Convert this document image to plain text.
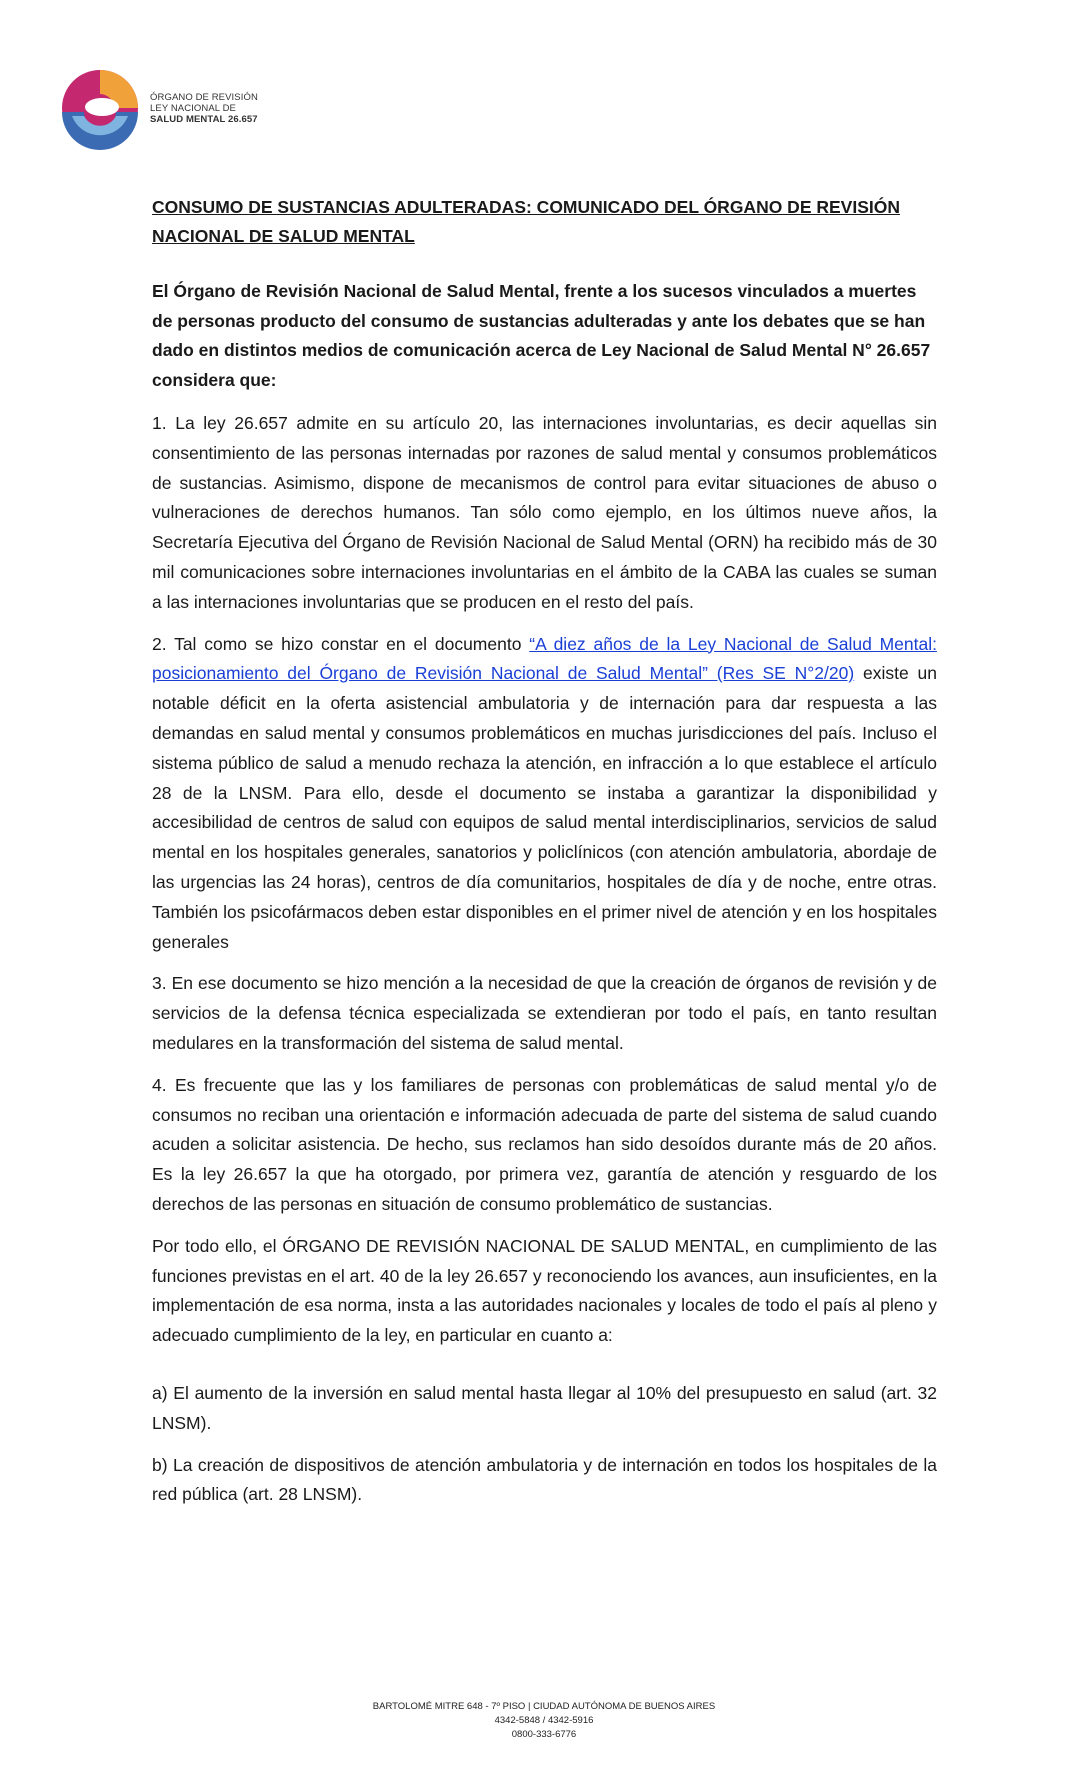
ÓRGANO DE REVISIÓN
LEY NACIONAL DE
SALUD MENTAL 26.657

CONSUMO DE SUSTANCIAS ADULTERADAS: COMUNICADO DEL ÓRGANO DE REVISIÓN NACIONAL DE SALUD MENTAL

El Órgano de Revisión Nacional de Salud Mental, frente a los sucesos vinculados a muertes de personas producto del consumo de sustancias adulteradas y ante los debates que se han dado en distintos medios de comunicación acerca de Ley Nacional de Salud Mental N° 26.657 considera que:

1. La ley 26.657 admite en su artículo 20, las internaciones involuntarias, es decir aquellas sin consentimiento de las personas internadas por razones de salud mental y consumos problemáticos de sustancias. Asimismo, dispone de mecanismos de control para evitar situaciones de abuso o vulneraciones de derechos humanos. Tan sólo como ejemplo, en los últimos nueve años, la Secretaría Ejecutiva del Órgano de Revisión Nacional de Salud Mental (ORN) ha recibido más de 30 mil comunicaciones sobre internaciones involuntarias en el ámbito de la CABA las cuales se suman a las internaciones involuntarias que se producen en el resto del país.

2. Tal como se hizo constar en el documento “A diez años de la Ley Nacional de Salud Mental: posicionamiento del Órgano de Revisión Nacional de Salud Mental” (Res SE N°2/20) existe un notable déficit en la oferta asistencial ambulatoria y de internación para dar respuesta a las demandas en salud mental y consumos problemáticos en muchas jurisdicciones del país. Incluso el sistema público de salud a menudo rechaza la atención, en infracción a lo que establece el artículo 28 de la LNSM. Para ello, desde el documento se instaba a garantizar la disponibilidad y accesibilidad de centros de salud con equipos de salud mental interdisciplinarios, servicios de salud mental en los hospitales generales, sanatorios y policlínicos (con atención ambulatoria, abordaje de las urgencias las 24 horas), centros de día comunitarios, hospitales de día y de noche, entre otras. También los psicofármacos deben estar disponibles en el primer nivel de atención y en los hospitales generales

3. En ese documento se hizo mención a la necesidad de que la creación de órganos de revisión y de servicios de la defensa técnica especializada se extendieran por todo el país, en tanto resultan medulares en la transformación del sistema de salud mental.

4. Es frecuente que las y los familiares de personas con problemáticas de salud mental y/o de consumos no reciban una orientación e información adecuada de parte del sistema de salud cuando acuden a solicitar asistencia. De hecho, sus reclamos han sido desoídos durante más de 20 años. Es la ley 26.657 la que ha otorgado, por primera vez, garantía de atención y resguardo de los derechos de las personas en situación de consumo problemático de sustancias.

Por todo ello, el ÓRGANO DE REVISIÓN NACIONAL DE SALUD MENTAL, en cumplimiento de las funciones previstas en el art. 40 de la ley 26.657 y reconociendo los avances, aun insuficientes, en la implementación de esa norma, insta a las autoridades nacionales y locales de todo el país al pleno y adecuado cumplimiento de la ley, en particular en cuanto a:

a) El aumento de la inversión en salud mental hasta llegar al 10% del presupuesto en salud (art. 32 LNSM).

b) La creación de dispositivos de atención ambulatoria y de internación en todos los hospitales de la red pública (art. 28 LNSM).

BARTOLOMÉ MITRE 648 - 7º PISO | CIUDAD AUTÓNOMA DE BUENOS AIRES
4342-5848 / 4342-5916
0800-333-6776
